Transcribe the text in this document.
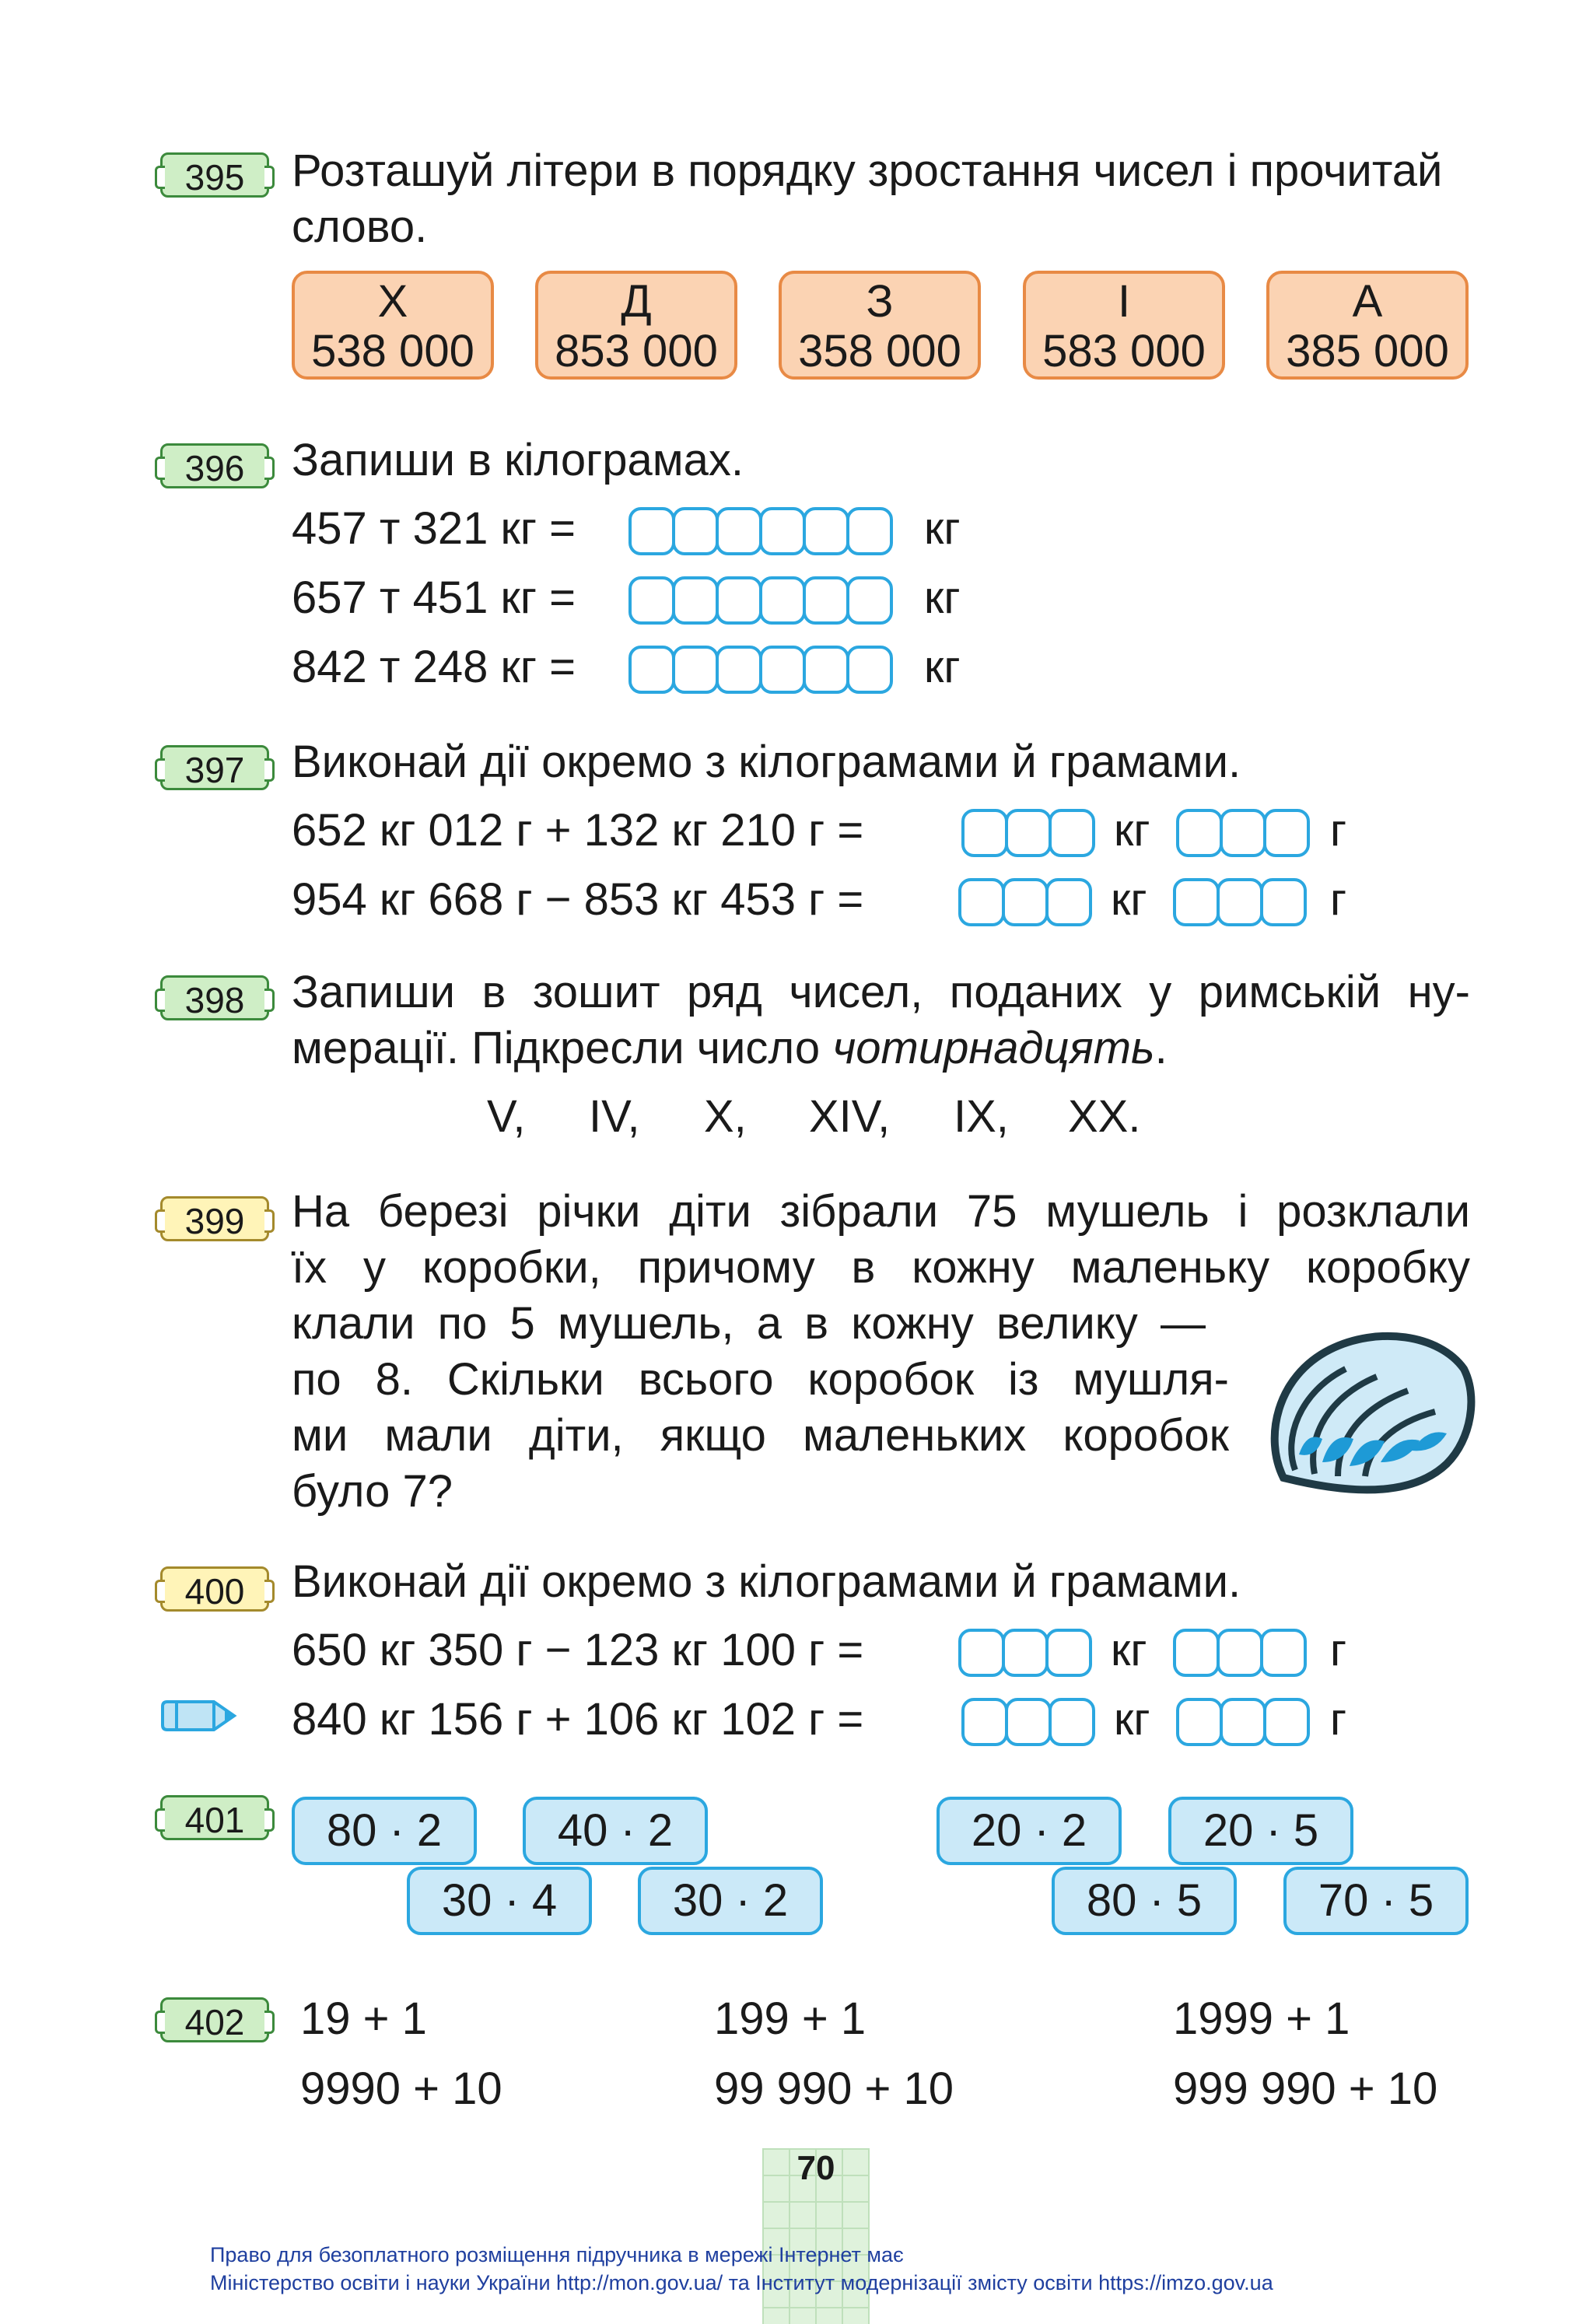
395	Розташуй літери в порядку зростання чисел і прочитай
слово.
Х
538 000
Д
853 000
З
358 000
І
583 000
А
385 000
396	Запиши в кілограмах.
457 т 321 кг =	кг
657 т 451 кг =	кг
842 т 248 кг =	кг
397	Виконай дії окремо з кілограмами й грамами.
652 кг 012 г + 132 кг 210 г =	кг	г
954 кг 668 г − 853 кг 453 г =	кг	г
398	Запиши в зошит ряд чисел, поданих у римській ну-
мерації. Підкресли число чотирнадцять.
V, IV, X, XIV, IX, XX.
399	На березі річки діти зібрали 75 мушель і розклали
їх у коробки, причому в кожну маленьку коробку
клали по 5 мушель, а в кожну велику —
по 8. Скільки всього коробок із мушля-
ми мали діти, якщо маленьких коробок
було 7?
400	Виконай дії окремо з кілограмами й грамами.
650 кг 350 г − 123 кг 100 г =	кг	г
840 кг 156 г + 106 кг 102 г =	кг	г
401	80 · 2	40 · 2
30 · 4	30 · 2
20 · 2	20 · 5
80 · 5	70 · 5
402	19 + 1	199 + 1	1999 + 1
9990 + 10	99 990 + 10	999 990 + 10
70
Право для безоплатного розміщення підручника в мережі Інтернет має
Міністерство освіти і науки України http://mon.gov.ua/ та Інститут модернізації змісту освіти https://imzo.gov.ua
